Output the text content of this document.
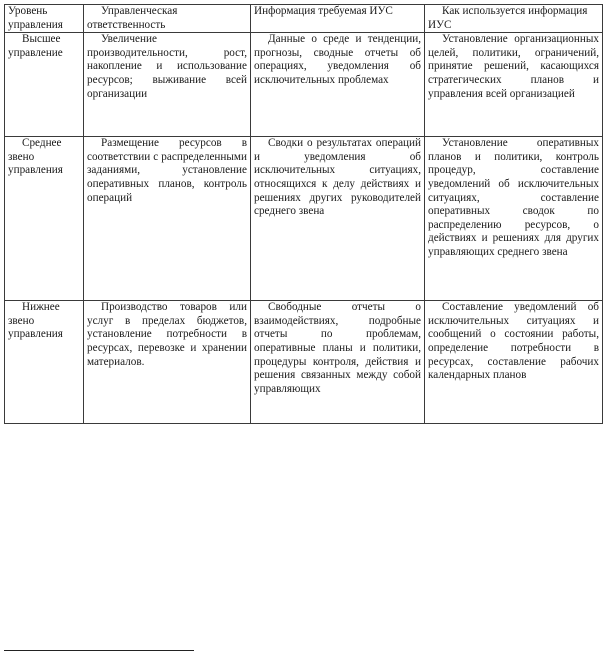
Уровень управления	Управленческая ответственность	Информация требуемая ИУС	Как используется информация ИУС
Высшее управление	Увеличение производительности, рост, накопление и использование ресурсов; выживание всей организации	Данные о среде и тенденции, прогнозы, сводные отчеты об операциях, уведомления об исключительных проблемах	Установление организационных целей, политики, ограничений, принятие решений, касающихся стратегических планов и управления всей организацией
Среднее звено управления	Размещение ресурсов в соответствии с распределенными заданиями, установление оперативных планов, контроль операций	Сводки о результатах операций и уведомления об исключительных ситуациях, относящихся к делу действиях и решениях других руководителей среднего звена	Установление оперативных планов и политики, контроль процедур, составление уведомлений об исключительных ситуациях, составление оперативных сводок по распределению ресурсов, о действиях и решениях для других управляющих среднего звена
Нижнее звено управления	Производство товаров или услуг в пределах бюджетов, установление потребности в ресурсах, перевозке и хранении материалов.	Свободные отчеты о взаимодействиях, подробные отчеты по проблемам, оперативные планы и политики, процедуры контроля, действия и решения связанных между собой управляющих	Составление уведомлений об исключительных ситуациях и сообщений о состоянии работы, определение потребности в ресурсах, составление рабочих календарных планов
